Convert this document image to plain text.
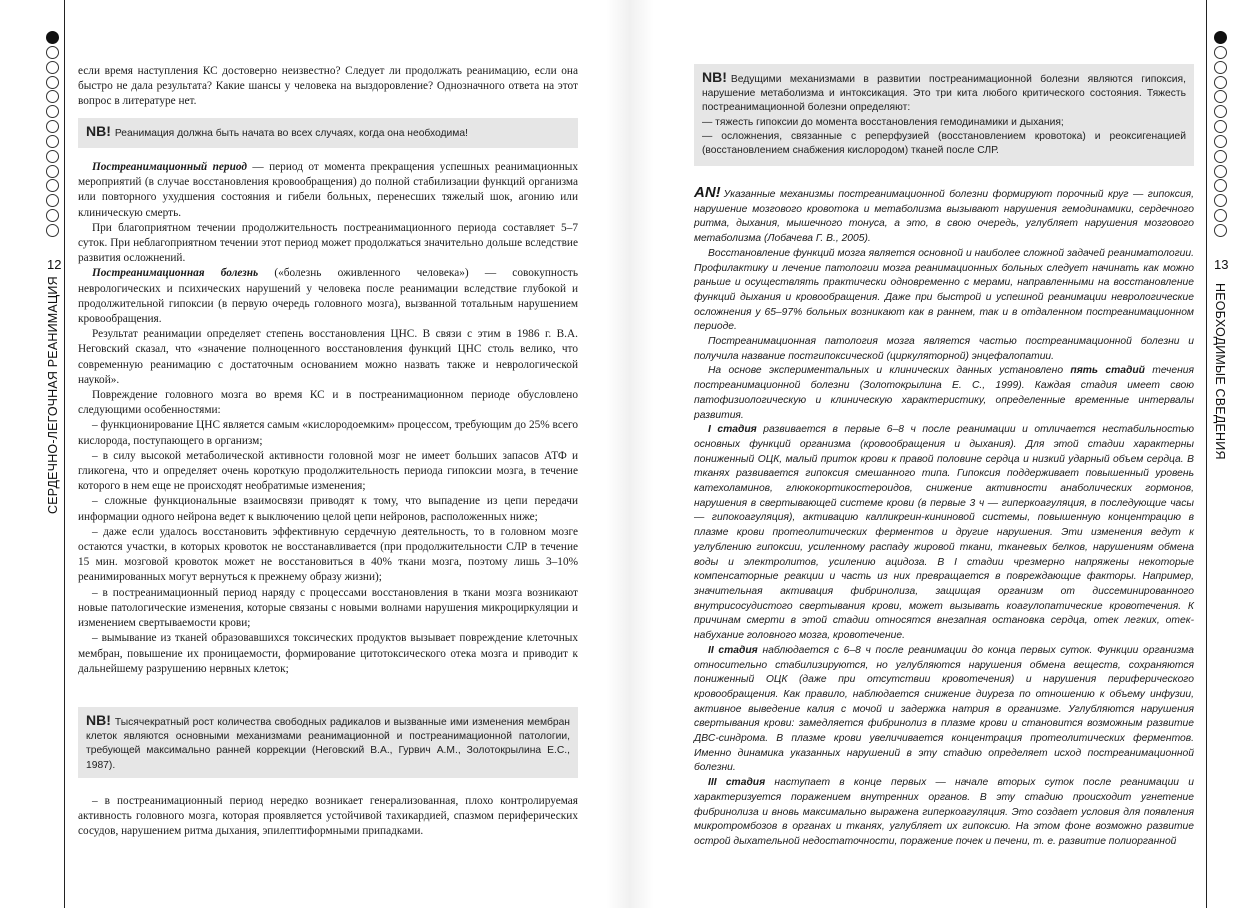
12
СЕРДЕЧНО-ЛЕГОЧНАЯ РЕАНИМАЦИЯ

если время наступления КС достоверно неизвестно? Следует ли продолжать реанимацию, если она быстро не дала результата? Какие шансы у человека на выздоровление? Однозначного ответа на этот вопрос в литературе нет.

NB! Реанимация должна быть начата во всех случаях, когда она необходима!

Постреанимационный период — период от момента прекращения успешных реанимационных мероприятий (в случае восстановления кровообращения) до полной стабилизации функций организма или повторного ухудшения состояния и гибели больных, перенесших тяжелый шок, агонию или клиническую смерть.

При благоприятном течении продолжительность постреанимационного периода составляет 5–7 суток. При неблагоприятном течении этот период может продолжаться значительно дольше вследствие развития осложнений.

Постреанимационная болезнь («болезнь оживленного человека») — совокупность неврологических и психических нарушений у человека после реанимации вследствие глубокой и продолжительной гипоксии (в первую очередь головного мозга), вызванной тотальным нарушением кровообращения.

Результат реанимации определяет степень восстановления ЦНС. В связи с этим в 1986 г. В.А. Неговский сказал, что «значение полноценного восстановления функций ЦНС столь велико, что современную реанимацию с достаточным основанием можно назвать также и неврологической наукой».

Повреждение головного мозга во время КС и в постреанимационном периоде обусловлено следующими особенностями:

– функционирование ЦНС является самым «кислородоемким» процессом, требующим до 25% всего кислорода, поступающего в организм;

– в силу высокой метаболической активности головной мозг не имеет больших запасов АТФ и гликогена, что и определяет очень короткую продолжительность периода гипоксии мозга, в течение которого в нем еще не происходят необратимые изменения;

– сложные функциональные взаимосвязи приводят к тому, что выпадение из цепи передачи информации одного нейрона ведет к выключению целой цепи нейронов, расположенных ниже;

– даже если удалось восстановить эффективную сердечную деятельность, то в головном мозге остаются участки, в которых кровоток не восстанавливается (при продолжительности СЛР в течение 15 мин. мозговой кровоток может не восстановиться в 40% ткани мозга, поэтому лишь 3–10% реанимированных могут вернуться к прежнему образу жизни);

– в постреанимационный период наряду с процессами восстановления в ткани мозга возникают новые патологические изменения, которые связаны с новыми волнами нарушения микроциркуляции и изменением свертываемости крови;

– вымывание из тканей образовавшихся токсических продуктов вызывает повреждение клеточных мембран, повышение их проницаемости, формирование цитотоксического отека мозга и приводит к дальнейшему разрушению нервных клеток;

NB! Тысячекратный рост количества свободных радикалов и вызванные ими изменения мембран клеток являются основными механизмами реанимационной и постреанимационной патологии, требующей максимально ранней коррекции (Неговский В.А., Гурвич А.М., Золотокрылина Е.С., 1987).

– в постреанимационный период нередко возникает генерализованная, плохо контролируемая активность головного мозга, которая проявляется устойчивой тахикардией, спазмом периферических сосудов, нарушением ритма дыхания, эпилептиформными припадками.

13
НЕОБХОДИМЫЕ СВЕДЕНИЯ

NB! Ведущими механизмами в развитии постреанимационной болезни являются гипоксия, нарушение метаболизма и интоксикация. Это три кита любого критического состояния. Тяжесть постреанимационной болезни определяют:

— тяжесть гипоксии до момента восстановления гемодинамики и дыхания;

— осложнения, связанные с реперфузией (восстановлением кровотока) и реоксигенацией (восстановлением снабжения кислородом) тканей после СЛР.

AN! Указанные механизмы постреанимационной болезни формируют порочный круг — гипоксия, нарушение мозгового кровотока и метаболизма вызывают нарушения гемодинамики, сердечного ритма, дыхания, мышечного тонуса, а это, в свою очередь, углубляет нарушения мозгового метаболизма (Лобачева Г. В., 2005).

Восстановление функций мозга является основной и наиболее сложной задачей реаниматологии. Профилактику и лечение патологии мозга реанимационных больных следует начинать как можно раньше и осуществлять практически одновременно с мерами, направленными на восстановление функций дыхания и кровообращения. Даже при быстрой и успешной реанимации неврологические осложнения у 65–97% больных возникают как в раннем, так и в отдаленном постреанимационном периоде.

Постреанимационная патология мозга является частью постреанимационной болезни и получила название постгипоксической (циркуляторной) энцефалопатии.

На основе экспериментальных и клинических данных установлено пять стадий течения постреанимационной болезни (Золотокрылина Е. С., 1999). Каждая стадия имеет свою патофизиологическую и клиническую характеристику, определенные временные интервалы развития.

I стадия развивается в первые 6–8 ч после реанимации и отличается нестабильностью основных функций организма (кровообращения и дыхания). Для этой стадии характерны пониженный ОЦК, малый приток крови к правой половине сердца и низкий ударный объем сердца. В тканях развивается гипоксия смешанного типа. Гипоксия поддерживает повышенный уровень катехоламинов, глюкокортикостероидов, снижение активности анаболических гормонов, нарушения в свертывающей системе крови (в первые 3 ч — гиперкоагуляция, в последующие часы — гипокоагуляция), активацию калликреин-кининовой системы, повышенную концентрацию в плазме крови протеолитических ферментов и другие нарушения. Эти изменения ведут к углублению гипоксии, усиленному распаду жировой ткани, тканевых белков, нарушениям обмена воды и электролитов, усилению ацидоза. В I стадии чрезмерно напряжены некоторые компенсаторные реакции и часть из них превращается в повреждающие факторы. Например, значительная активация фибринолиза, защищая организм от диссеминированного внутрисосудистого свертывания крови, может вызывать коагулопатические кровотечения. К причинам смерти в этой стадии относятся внезапная остановка сердца, отек легких, отек-набухание головного мозга, кровотечение.

II стадия наблюдается с 6–8 ч после реанимации до конца первых суток. Функции организма относительно стабилизируются, но углубляются нарушения обмена веществ, сохраняются пониженный ОЦК (даже при отсутствии кровотечения) и нарушения периферического кровообращения. Как правило, наблюдается снижение диуреза по отношению к объему инфузии, активное выведение калия с мочой и задержка натрия в организме. Углубляются нарушения свертывания крови: замедляется фибринолиз в плазме крови и становится возможным развитие ДВС-синдрома. В плазме крови увеличивается концентрация протеолитических ферментов. Именно динамика указанных нарушений в эту стадию определяет исход постреанимационной болезни.

III стадия наступает в конце первых — начале вторых суток после реанимации и характеризуется поражением внутренних органов. В эту стадию происходит угнетение фибринолиза и вновь максимально выражена гиперкоагуляция. Это создает условия для появления микротромбозов в органах и тканях, углубляет их гипоксию. На этом фоне возможно развитие острой дыхательной недостаточности, поражение почек и печени, т. е. развитие полиорганной
